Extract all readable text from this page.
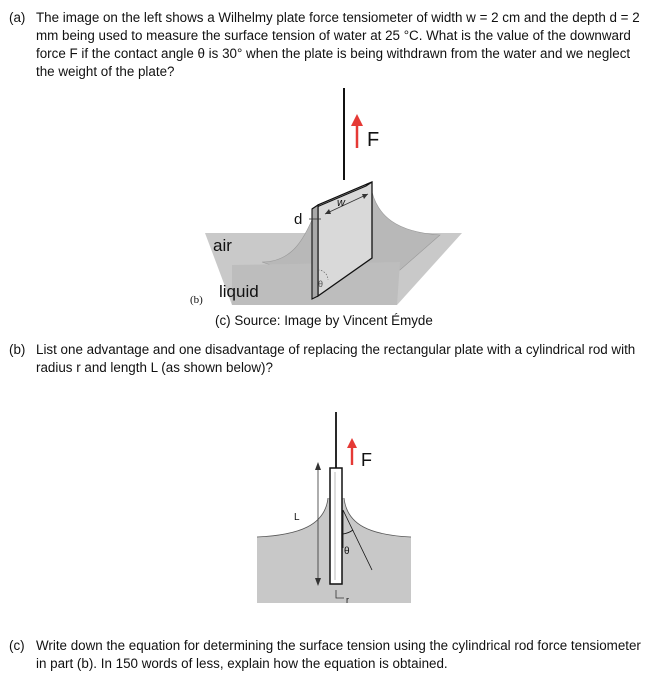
(a) The image on the left shows a Wilhelmy plate force tensiometer of width w = 2 cm and the depth d = 2 mm being used to measure the surface tension of water at 25 °C. What is the value of the downward force F if the contact angle θ is 30° when the plate is being withdrawn from the water and we neglect the weight of the plate?
F
w
d
air
liquid	θ
(b)
(c) Source: Image by Vincent Émyde
(b) List one advantage and one disadvantage of replacing the rectangular plate with a cylindrical rod with radius r and length L (as shown below)?
L
θ
r
F
(c) Write down the equation for determining the surface tension using the cylindrical rod force tensiometer in part (b). In 150 words of less, explain how the equation is obtained.
